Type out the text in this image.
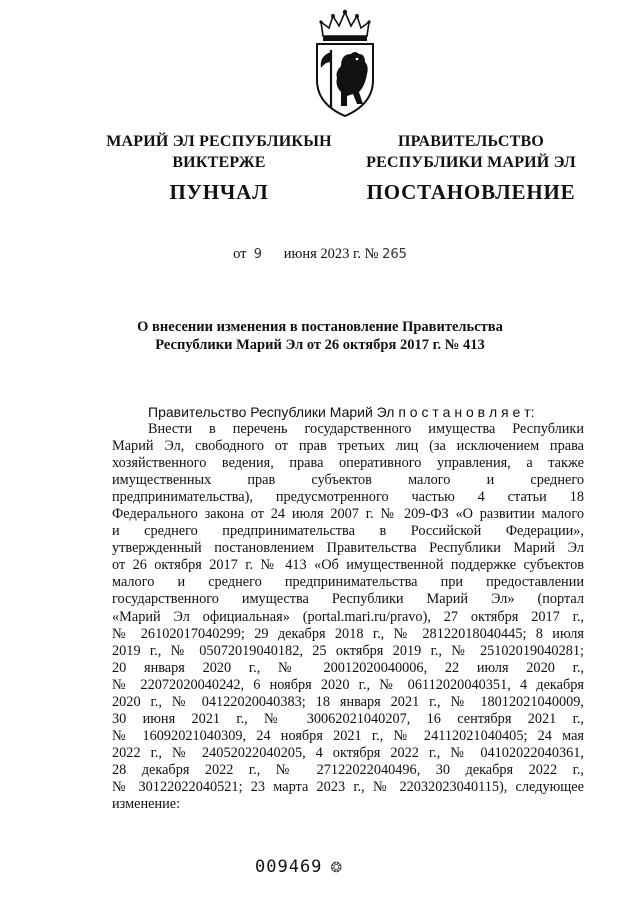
МАРИЙ ЭЛ РЕСПУБЛИКЫН
ВИКТЕРЖЕ
ПУНЧАЛ
ПРАВИТЕЛЬСТВО
РЕСПУБЛИКИ МАРИЙ ЭЛ
ПОСТАНОВЛЕНИЕ
от 9 июня 2023 г. № 265
О внесении изменения в постановление Правительства
Республики Марий Эл от 26 октября 2017 г. № 413
Правительство Республики Марий Эл п о с т а н о в л я е т:
Внести в перечень государственного имущества Республики
Марий Эл, свободного от прав третьих лиц (за исключением права
хозяйственного ведения, права оперативного управления, а также
имущественных прав субъектов малого и среднего
предпринимательства), предусмотренного частью 4 статьи 18
Федерального закона от 24 июля 2007 г. № 209-ФЗ «О развитии малого
и среднего предпринимательства в Российской Федерации»,
утвержденный постановлением Правительства Республики Марий Эл
от 26 октября 2017 г. № 413 «Об имущественной поддержке субъектов
малого и среднего предпринимательства при предоставлении
государственного имущества Республики Марий Эл» (портал
«Марий Эл официальная» (portal.mari.ru/pravo), 27 октября 2017 г.,
№ 26102017040299; 29 декабря 2018 г., № 28122018040445; 8 июля
2019 г., № 05072019040182, 25 октября 2019 г., № 25102019040281;
20 января 2020 г., № 20012020040006, 22 июля 2020 г.,
№ 22072020040242, 6 ноября 2020 г., № 06112020040351, 4 декабря
2020 г., № 04122020040383; 18 января 2021 г., № 18012021040009,
30 июня 2021 г., № 30062021040207, 16 сентября 2021 г.,
№ 16092021040309, 24 ноября 2021 г., № 24112021040405; 24 мая
2022 г., № 24052022040205, 4 октября 2022 г., № 04102022040361,
28 декабря 2022 г., № 27122022040496, 30 декабря 2022 г.,
№ 30122022040521; 23 марта 2023 г., № 22032023040115), следующее
изменение:
009469 ❂
